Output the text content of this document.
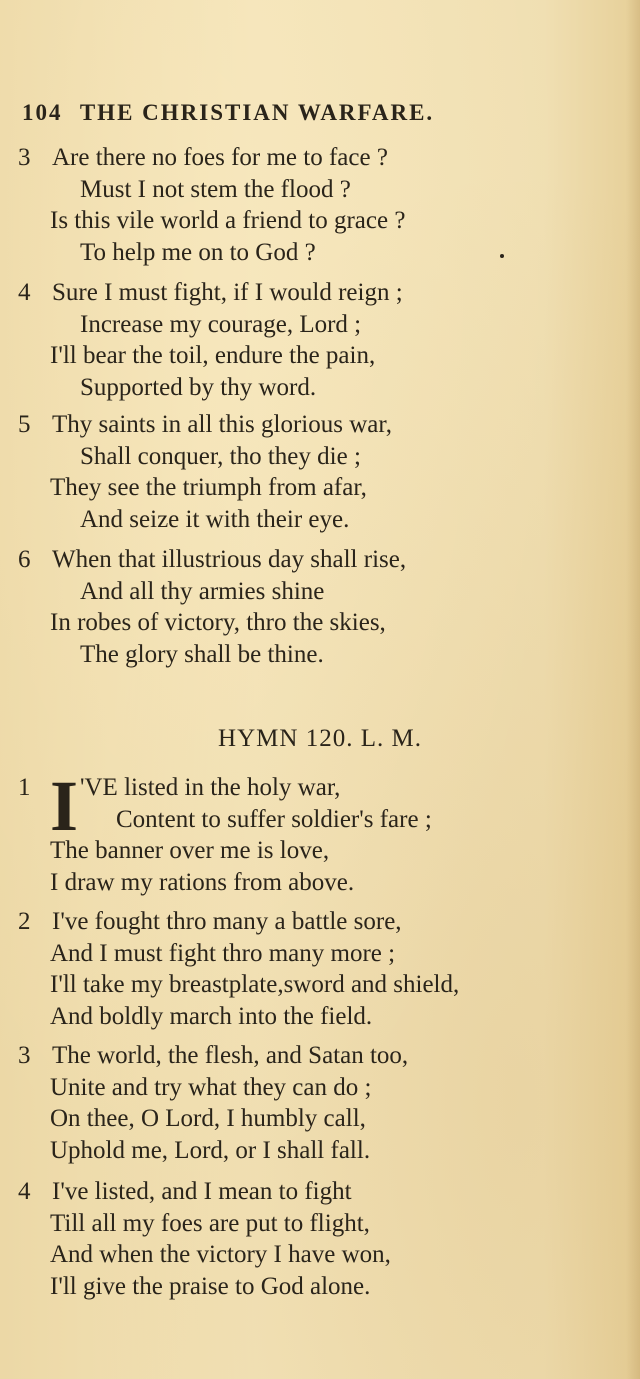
104 THE CHRISTIAN WARFARE.
3 Are there no foes for me to face ?
Must I not stem the flood ?
Is this vile world a friend to grace ?
To help me on to God ?
4 Sure I must fight, if I would reign ;
Increase my courage, Lord ;
I'll bear the toil, endure the pain,
Supported by thy word.
5 Thy saints in all this glorious war,
Shall conquer, tho they die ;
They see the triumph from afar,
And seize it with their eye.
6 When that illustrious day shall rise,
And all thy armies shine
In robes of victory, thro the skies,
The glory shall be thine.
HYMN 120. L. M.
I
1 'VE listed in the holy war,
Content to suffer soldier's fare ;
The banner over me is love,
I draw my rations from above.
2 I've fought thro many a battle sore,
And I must fight thro many more ;
I'll take my breastplate,sword and shield,
And boldly march into the field.
3 The world, the flesh, and Satan too,
Unite and try what they can do ;
On thee, O Lord, I humbly call,
Uphold me, Lord, or I shall fall.
4 I've listed, and I mean to fight
Till all my foes are put to flight,
And when the victory I have won,
I'll give the praise to God alone.
